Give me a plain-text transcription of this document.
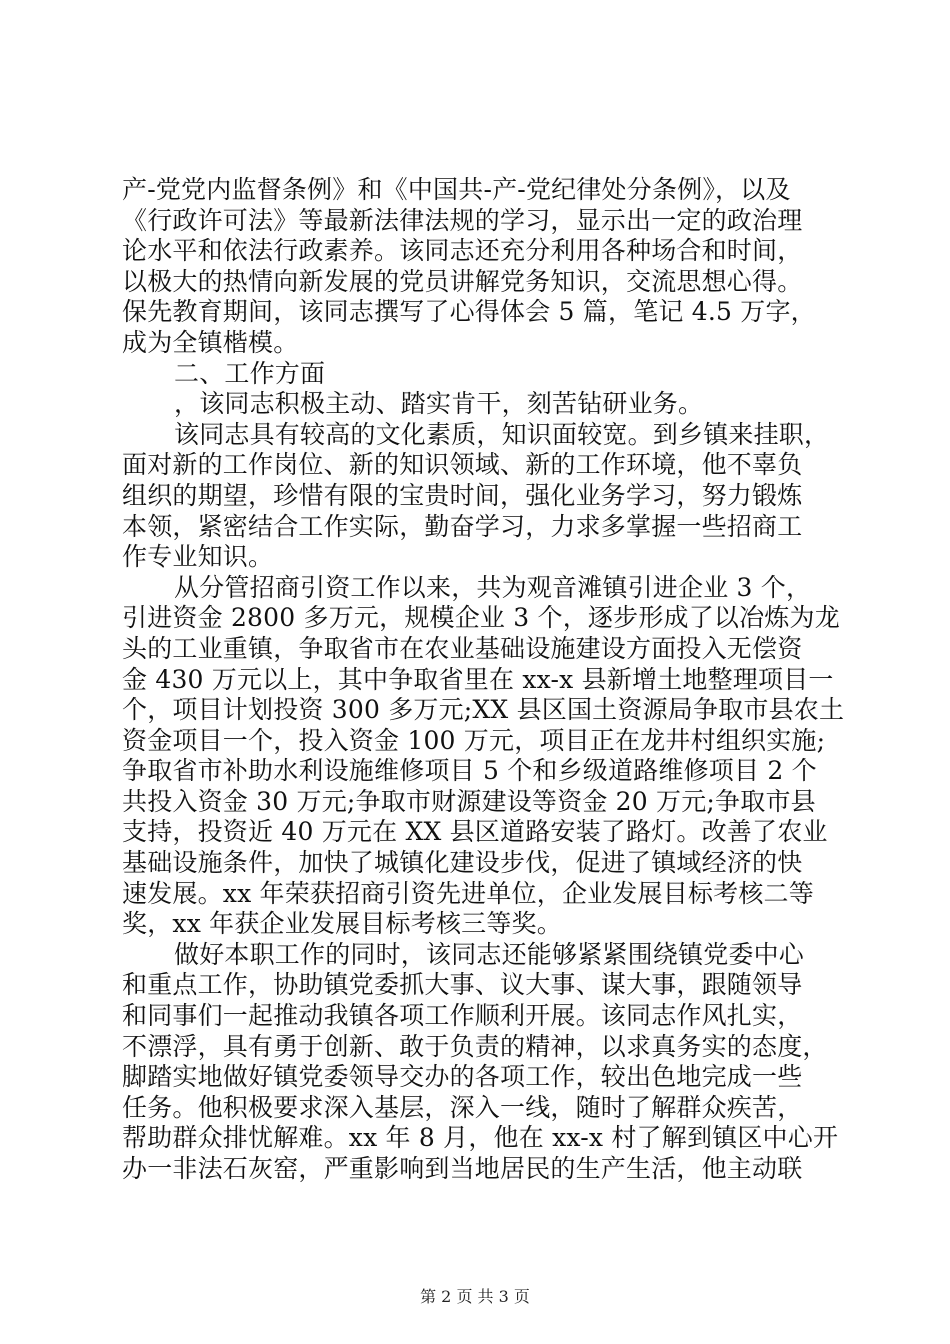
产-党党内监督条例》和《中国共-产-党纪律处分条例》，以及
《行政许可法》等最新法律法规的学习，显示出一定的政治理
论水平和依法行政素养。该同志还充分利用各种场合和时间，
以极大的热情向新发展的党员讲解党务知识，交流思想心得。
保先教育期间，该同志撰写了心得体会 5 篇，笔记 4.5 万字，
成为全镇楷模。
二、工作方面
，该同志积极主动、踏实肯干，刻苦钻研业务。
该同志具有较高的文化素质，知识面较宽。到乡镇来挂职，
面对新的工作岗位、新的知识领域、新的工作环境，他不辜负
组织的期望，珍惜有限的宝贵时间，强化业务学习，努力锻炼
本领，紧密结合工作实际，勤奋学习，力求多掌握一些招商工
作专业知识。
从分管招商引资工作以来，共为观音滩镇引进企业 3 个，
引进资金 2800 多万元，规模企业 3 个，逐步形成了以冶炼为龙
头的工业重镇，争取省市在农业基础设施建设方面投入无偿资
金 430 万元以上，其中争取省里在 xx-x 县新增土地整理项目一
个，项目计划投资 300 多万元;XX 县区国土资源局争取市县农土
资金项目一个，投入资金 100 万元，项目正在龙井村组织实施;
争取省市补助水利设施维修项目 5 个和乡级道路维修项目 2 个
共投入资金 30 万元;争取市财源建设等资金 20 万元;争取市县
支持，投资近 40 万元在 XX 县区道路安装了路灯。改善了农业
基础设施条件，加快了城镇化建设步伐，促进了镇域经济的快
速发展。xx 年荣获招商引资先进单位，企业发展目标考核二等
奖，xx 年获企业发展目标考核三等奖。
做好本职工作的同时，该同志还能够紧紧围绕镇党委中心
和重点工作，协助镇党委抓大事、议大事、谋大事，跟随领导
和同事们一起推动我镇各项工作顺利开展。该同志作风扎实，
不漂浮，具有勇于创新、敢于负责的精神，以求真务实的态度，
脚踏实地做好镇党委领导交办的各项工作，较出色地完成一些
任务。他积极要求深入基层，深入一线，随时了解群众疾苦，
帮助群众排忧解难。xx 年 8 月，他在 xx-x 村了解到镇区中心开
办一非法石灰窑，严重影响到当地居民的生产生活，他主动联
第 2 页 共 3 页
